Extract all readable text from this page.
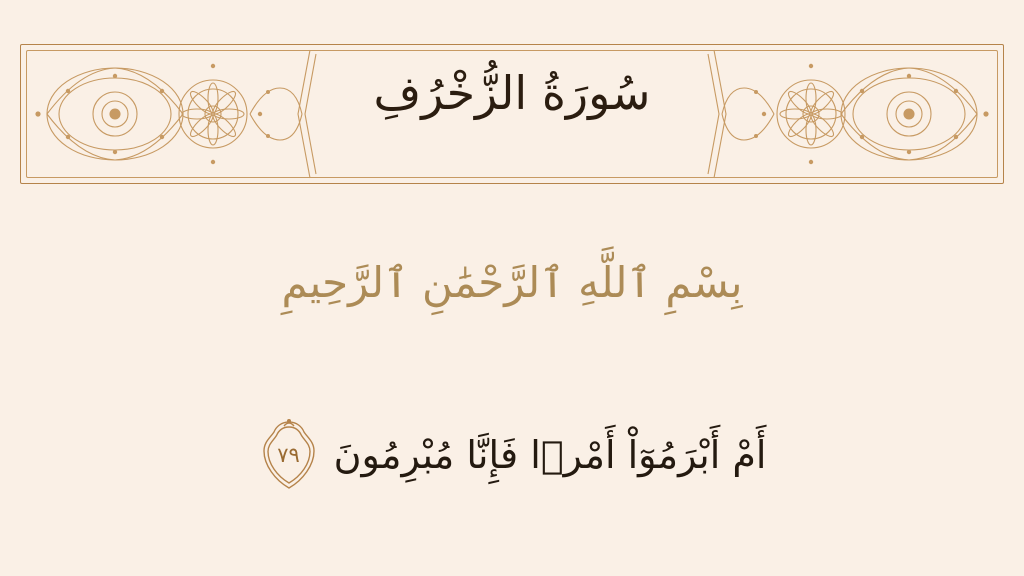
سُورَةُ الزُّخْرُفِ
بِسْمِ ٱللَّهِ ٱلرَّحْمَٰنِ ٱلرَّحِيمِ
أَمْ أَبْرَمُوٓاْ أَمْرࣰا فَإِنَّا مُبْرِمُونَ
٧٩
